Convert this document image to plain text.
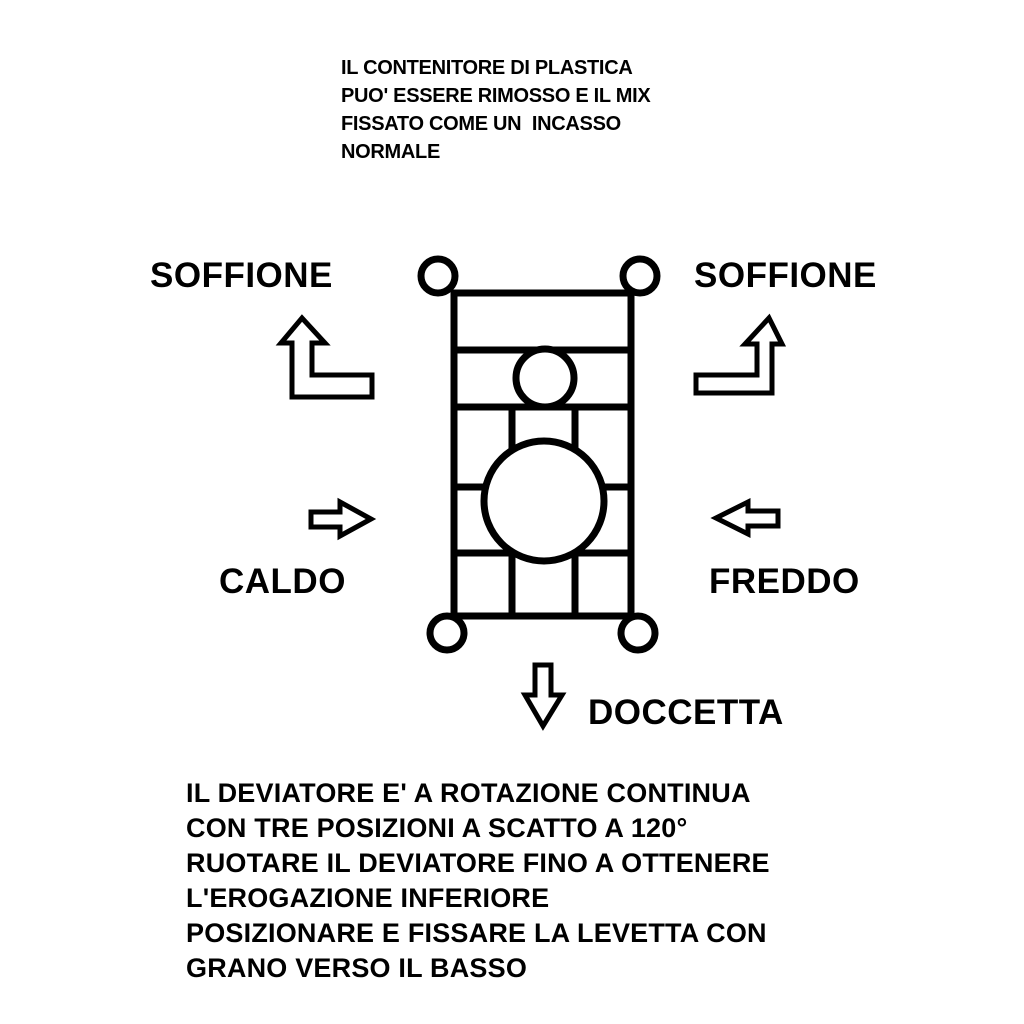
IL CONTENITORE DI PLASTICA
PUO' ESSERE RIMOSSO E IL MIX
FISSATO COME UN  INCASSO
NORMALE
SOFFIONE	SOFFIONE
CALDO	FREDDO
DOCCETTA
IL DEVIATORE E' A ROTAZIONE CONTINUA
CON TRE POSIZIONI A SCATTO A 120°
RUOTARE IL DEVIATORE FINO A OTTENERE
L'EROGAZIONE INFERIORE
POSIZIONARE E FISSARE LA LEVETTA CON
GRANO VERSO IL BASSO
